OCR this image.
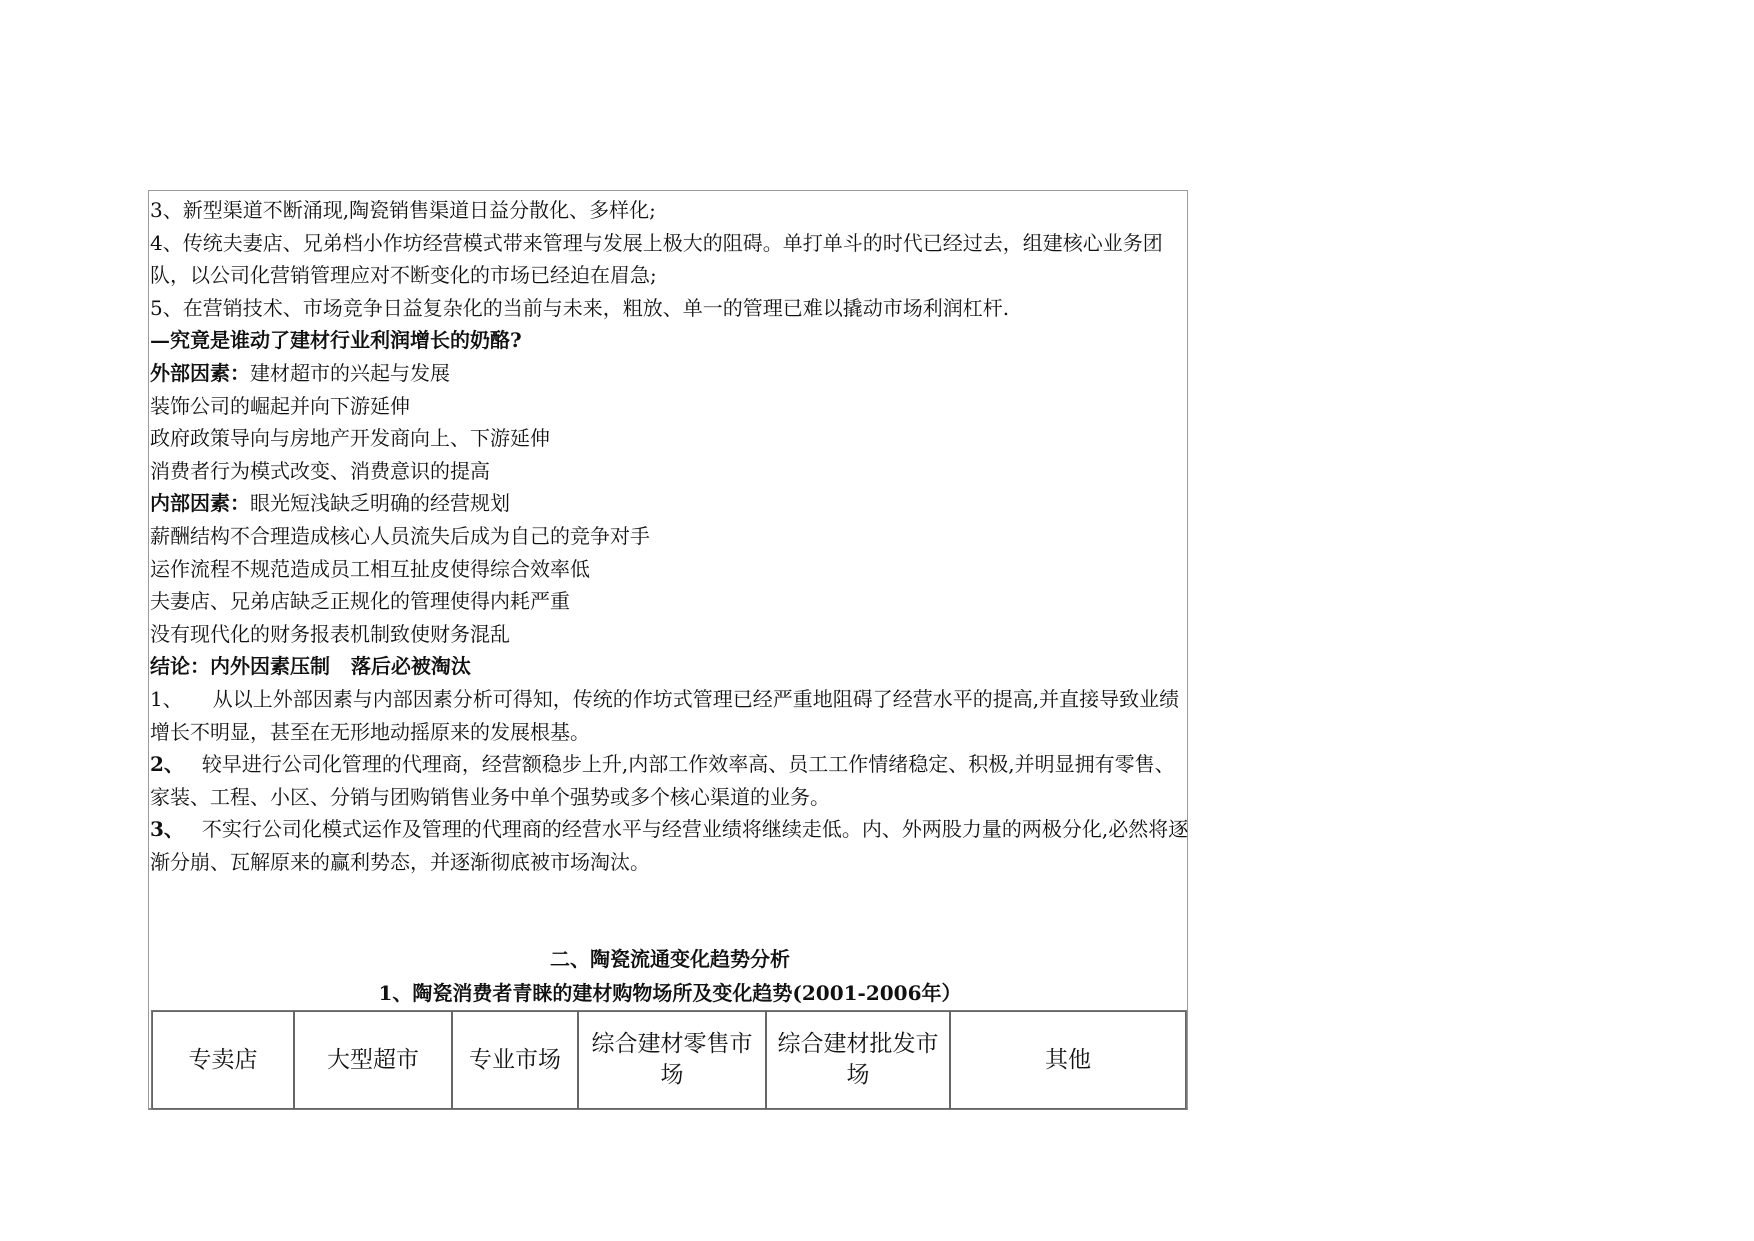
3、新型渠道不断涌现,陶瓷销售渠道日益分散化、多样化;

4、传统夫妻店、兄弟档小作坊经营模式带来管理与发展上极大的阻碍。单打单斗的时代已经过去，组建核心业务团队，以公司化营销管理应对不断变化的市场已经迫在眉急;

5、在营销技术、市场竞争日益复杂化的当前与未来，粗放、单一的管理已难以撬动市场利润杠杆.

—究竟是谁动了建材行业利润增长的奶酪?

外部因素：建材超市的兴起与发展

装饰公司的崛起并向下游延伸

政府政策导向与房地产开发商向上、下游延伸

消费者行为模式改变、消费意识的提高

内部因素：眼光短浅缺乏明确的经营规划

薪酬结构不合理造成核心人员流失后成为自己的竞争对手

运作流程不规范造成员工相互扯皮使得综合效率低

夫妻店、兄弟店缺乏正规化的管理使得内耗严重

没有现代化的财务报表机制致使财务混乱

结论：内外因素压制   落后必被淘汰

1、 从以上外部因素与内部因素分析可得知，传统的作坊式管理已经严重地阻碍了经营水平的提高,并直接导致业绩增长不明显，甚至在无形地动摇原来的发展根基。

2、 较早进行公司化管理的代理商，经营额稳步上升,内部工作效率高、员工工作情绪稳定、积极,并明显拥有零售、家装、工程、小区、分销与团购销售业务中单个强势或多个核心渠道的业务。

3、 不实行公司化模式运作及管理的代理商的经营水平与经营业绩将继续走低。内、外两股力量的两极分化,必然将逐渐分崩、瓦解原来的赢利势态，并逐渐彻底被市场淘汰。

二、陶瓷流通变化趋势分析
1、陶瓷消费者青睐的建材购物场所及变化趋势(2001-2006年）
专卖店	大型超市	专业市场	综合建材零售市场	综合建材批发市场	其他
